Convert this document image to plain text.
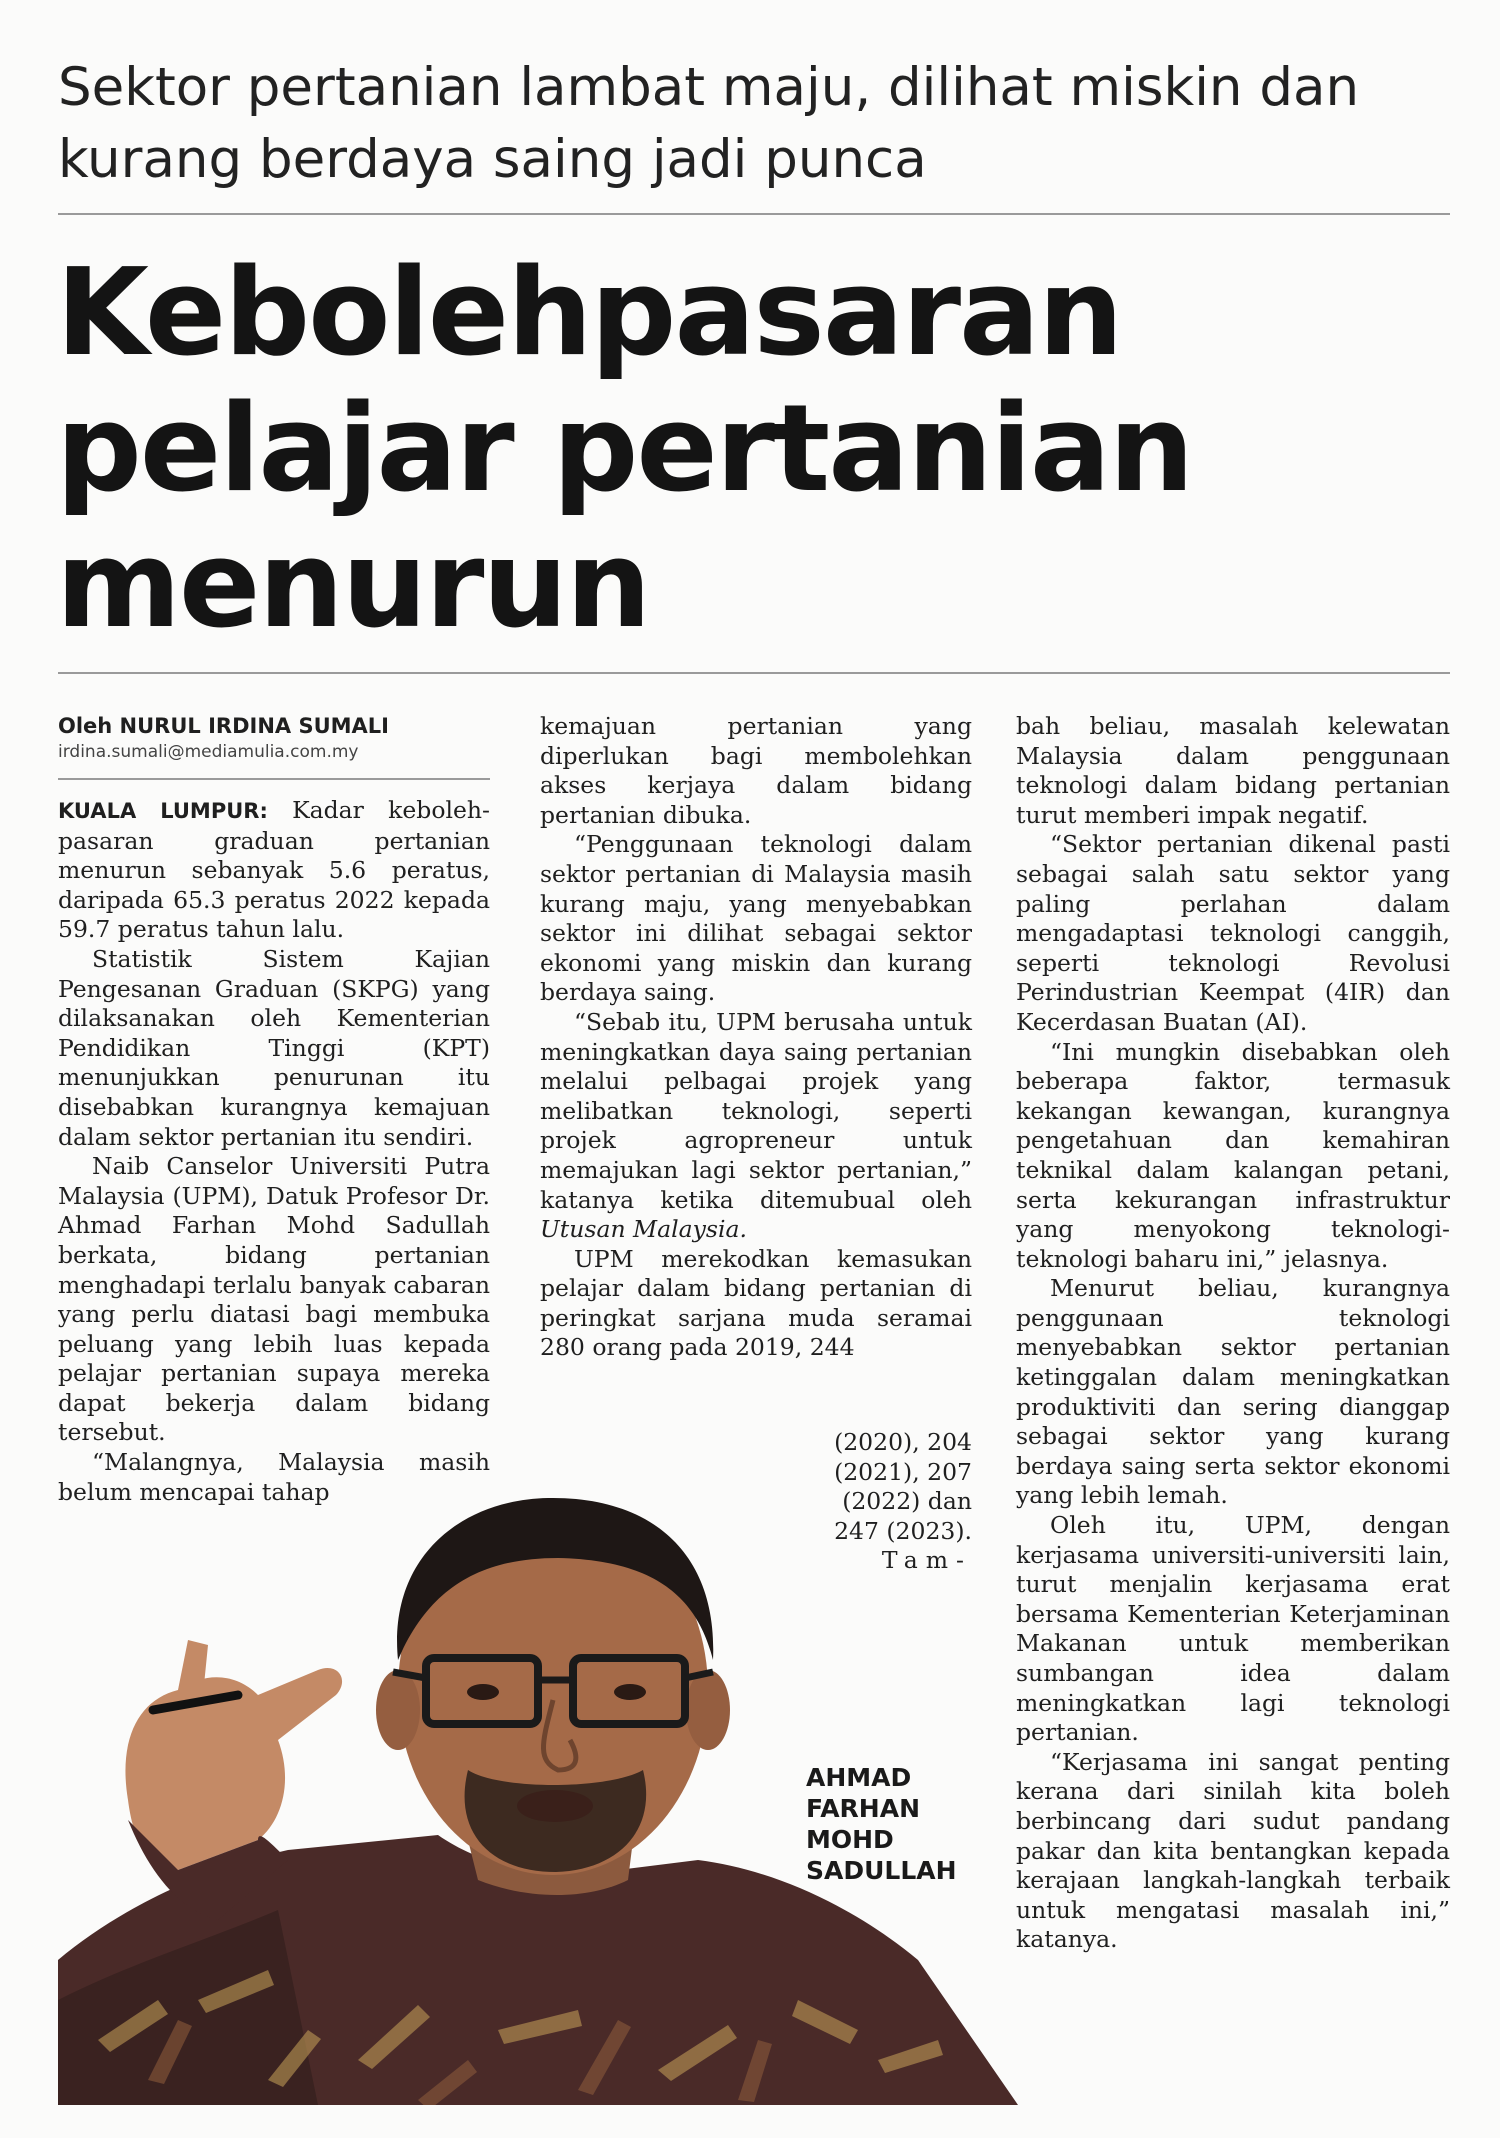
Sektor pertanian lambat maju, dilihat miskin dan kurang berdaya saing jadi punca
Kebolehpasaran pelajar pertanian menurun

Oleh NURUL IRDINA SUMALI

irdina.sumali@mediamulia.com.my

KUALA LUMPUR: Kadar kebolehpasaran graduan pertanian menurun sebanyak 5.6 peratus, daripada 65.3 peratus 2022 kepada 59.7 peratus tahun lalu.

Statistik Sistem Kajian Pengesanan Graduan (SKPG) yang dilaksanakan oleh Kementerian Pendidikan Tinggi (KPT) menunjukkan penurunan itu disebabkan kurangnya kemajuan dalam sektor pertanian itu sendiri.

Naib Canselor Universiti Putra Malaysia (UPM), Datuk Profesor Dr. Ahmad Farhan Mohd Sadullah berkata, bidang pertanian menghadapi terlalu banyak cabaran yang perlu diatasi bagi membuka peluang yang lebih luas kepada pelajar pertanian supaya mereka dapat bekerja dalam bidang tersebut.

“Malangnya, Malaysia masih belum mencapai tahap

kemajuan pertanian yang diperlukan bagi membolehkan akses kerjaya dalam bidang pertanian dibuka.

“Penggunaan teknologi dalam sektor pertanian di Malaysia masih kurang maju, yang menyebabkan sektor ini dilihat sebagai sektor ekonomi yang miskin dan kurang berdaya saing.

“Sebab itu, UPM berusaha untuk meningkatkan daya saing pertanian melalui pelbagai projek yang melibatkan teknologi, seperti projek agropreneur untuk memajukan lagi sektor pertanian,” katanya ketika ditemubual oleh Utusan Malaysia.

UPM merekodkan kemasukan pelajar dalam bidang pertanian di peringkat sarjana muda seramai 280 orang pada 2019, 244

(2020), 204

(2021), 207

(2022) dan

247 (2023).

Tam-

bah beliau, masalah kelewatan Malaysia dalam penggunaan teknologi dalam bidang pertanian turut memberi impak negatif.

“Sektor pertanian dikenal pasti sebagai salah satu sektor yang paling perlahan dalam mengadaptasi teknologi canggih, seperti teknologi Revolusi Perindustrian Keempat (4IR) dan Kecerdasan Buatan (AI).

“Ini mungkin disebabkan oleh beberapa faktor, termasuk kekangan kewangan, kurangnya pengetahuan dan kemahiran teknikal dalam kalangan petani, serta kekurangan infrastruktur yang menyokong teknologi-teknologi baharu ini,” jelasnya.

Menurut beliau, kurangnya penggunaan teknologi menyebabkan sektor pertanian ketinggalan dalam meningkatkan produktiviti dan sering dianggap sebagai sektor yang kurang berdaya saing serta sektor ekonomi yang lebih lemah.

Oleh itu, UPM, dengan kerjasama universiti-universiti lain, turut menjalin kerjasama erat bersama Kementerian Keterjaminan Makanan untuk memberikan sumbangan idea dalam meningkatkan lagi teknologi pertanian.

“Kerjasama ini sangat penting kerana dari sinilah kita boleh berbincang dari sudut pandang pakar dan kita bentangkan kepada kerajaan langkah-langkah terbaik untuk mengatasi masalah ini,” katanya.

AHMAD
FARHAN
MOHD
SADULLAH
